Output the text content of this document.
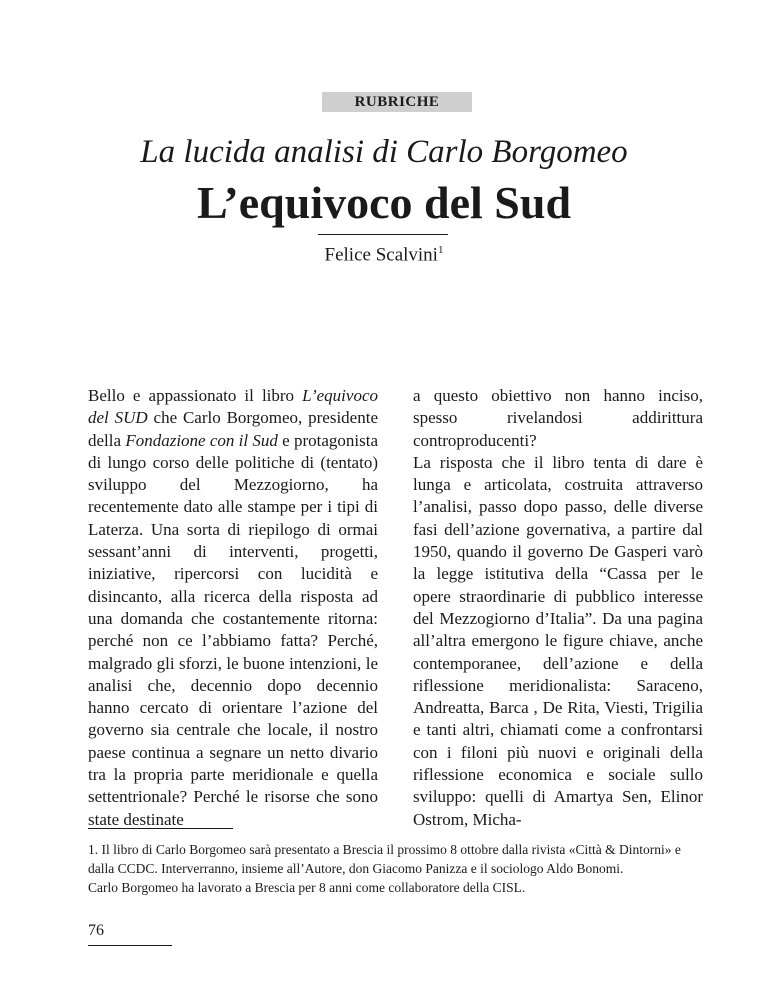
RUBRICHE
La lucida analisi di Carlo Borgomeo
L’equivoco del Sud
Felice Scalvini$^1$

Bello e appassionato il libro L’equivoco del SUD che Carlo Borgomeo, presidente della Fondazione con il Sud e protagonista di lungo corso delle politiche di (tentato) sviluppo del Mezzogiorno, ha recentemente dato alle stampe per i tipi di Laterza. Una sorta di riepilogo di ormai sessant’anni di interventi, progetti, iniziative, ripercorsi con lucidità e disincanto, alla ricerca della risposta ad una domanda che costantemente ritorna: perché non ce l’abbiamo fatta? Perché, malgrado gli sforzi, le buone intenzioni, le analisi che, decennio dopo decennio hanno cercato di orientare l’azione del governo sia centrale che locale, il nostro paese continua a segnare un netto divario tra la propria parte meridionale e quella settentrionale? Perché le risorse che sono state destinate

a questo obiettivo non hanno inciso, spesso rivelandosi addirittura controproducenti?

La risposta che il libro tenta di dare è lunga e articolata, costruita attraverso l’analisi, passo dopo passo, delle diverse fasi dell’azione governativa, a partire dal 1950, quando il governo De Gasperi varò la legge istitutiva della “Cassa per le opere straordinarie di pubblico interesse del Mezzogiorno d’Italia”. Da una pagina all’altra emergono le figure chiave, anche contemporanee, dell’azione e della riflessione meridionalista: Saraceno, Andreatta, Barca , De Rita, Viesti, Trigilia e tanti altri, chiamati come a confrontarsi con i filoni più nuovi e originali della riflessione economica e sociale sullo sviluppo: quelli di Amartya Sen, Elinor Ostrom, Micha-

1. Il libro di Carlo Borgomeo sarà presentato a Brescia il prossimo 8 ottobre dalla rivista «Città & Dintorni» e dalla CCDC. Interverranno, insieme all’Autore, don Giacomo Panizza e il sociologo Aldo Bonomi.

Carlo Borgomeo ha lavorato a Brescia per 8 anni come collaboratore della CISL.

76
